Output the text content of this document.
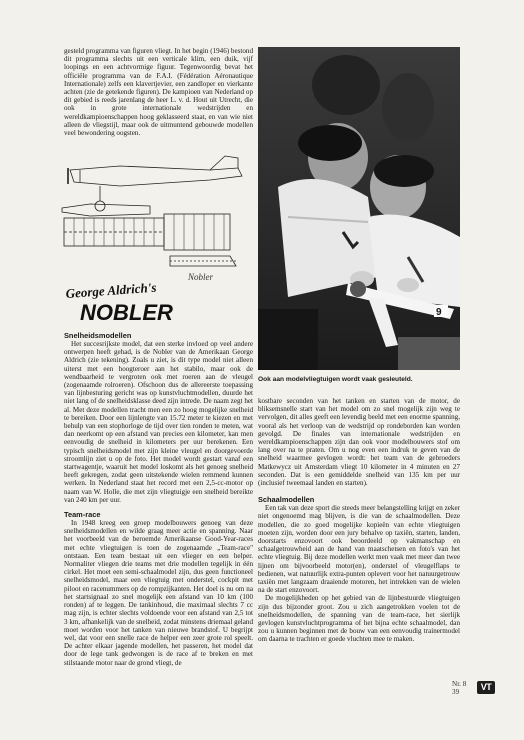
gesteld programma van figuren vliegt. In het begin (1946) bestond dit programma slechts uit een verticale klim, een duik, vijf loopings en een achtvormige figuur. Tegenwoordig bevat het officiële programma van de F.A.I. (Fédération Aéronautique Internationale) zelfs een klavertjevier, een zandloper en vierkante achten (zie de getekende figuren). De kampioen van Nederland op dit gebied is reeds jarenlang de heer L. v. d. Hout uit Utrecht, die ook in grote internationale wedstrijden en wereldkampioenschappen hoog geklasseerd staat, en van wie niet alleen de vliegstijl, maar ook de uitmuntend gebouwde modellen veel bewondering oogsten.

Nobler
George Aldrich's
NOBLER
Snelheidsmodellen

Het succesrijkste model, dat een sterke invloed op veel andere ontwerpen heeft gehad, is de Nobler van de Amerikaan George Aldrich (zie tekening). Zoals u ziet, is dit type model niet alleen uiterst met een hoogteroer aan het stabilo, maar ook de wendbaarheid te vergroten ook met roeren aan de vleugel (zogenaamde rolroeren). Ofschoon dus de allereerste toepassing van lijnbesturing gericht was op kunstvluchtmodellen, duurde het niet lang of de snelheidsklasse deed zijn intrede. De naam zegt het al. Met deze modellen tracht men een zo hoog mogelijke snelheid te bereiken. Door een lijnlengte van 15.72 meter te kiezen en met behulp van een stophorloge de tijd over tien ronden te meten, wat dan neerkomt op een afstand van precies een kilometer, kan men eenvoudig de snelheid in kilometers per uur berekenen. Een typisch snelheidsmodel met zijn kleine vleugel en doorgevoerde stroomlijn ziet u op de foto. Het model wordt gestart vanaf een startwagentje, waaruit het model loskomt als het genoeg snelheid heeft gekregen, zodat geen uitstekende wielen remmend kunnen werken. In Nederland staat het record met een 2,5-cc-motor op naam van W. Holle, die met zijn vliegtuigje een snelheid bereikte van 240 km per uur.

Team-race

In 1948 kreeg een groep modelbouwers genoeg van deze snelheidsmodellen en wilde graag meer actie en spanning. Naar het voorbeeld van de beroemde Amerikaanse Good-Year-races met echte vliegtuigen is toen de zogenaamde „Team-race" ontstaan. Een team bestaat uit een vlieger en een helper. Normaliter vliegen drie teams met drie modellen tegelijk in één cirkel. Het moet een semi-schaalmodel zijn, dus geen functioneel snelheidsmodel, maar een vliegtuig met onderstel, cockpit met piloot en racenummers op de rompzijkanten. Het doel is nu om na het startsignaal zo snel mogelijk een afstand van 10 km (100 ronden) af te leggen. De tankinhoud, die maximaal slechts 7 cc mag zijn, is echter slechts voldoende voor een afstand van 2,5 tot 3 km, afhankelijk van de snelheid, zodat minstens driemaal geland moet worden voor het tanken van nieuwe brandstof. U begrijpt wel, dat voor een snelle race de helper een zeer grote rol speelt. De achter elkaar jagende modellen, het passeren, het model dat door de lege tank gedwongen is de race af te breken en met stilstaande motor naar de grond vliegt, de

9
Ook aan modelvliegtuigen wordt vaak gesleuteld.

kostbare seconden van het tanken en starten van de motor, de bliksemsnelle start van het model om zo snel mogelijk zijn weg te vervolgen, dit alles geeft een levendig beeld met een enorme spanning, vooral als het verloop van de wedstrijd op rondeborden kan worden gevolgd. De finales van internationale wedstrijden en wereldkampioenschappen zijn dan ook voor modelbouwers stof om lang over na te praten. Om u nog even een indruk te geven van de snelheid waarmee gevlogen wordt: het team van de gebroeders Matkewycz uit Amsterdam vliegt 10 kilometer in 4 minuten en 27 seconden. Dat is een gemiddelde snelheid van 135 km per uur (inclusief tweemaal landen en starten).

Schaalmodellen

Een tak van deze sport die steeds meer belangstelling krijgt en zeker niet ongenoemd mag blijven, is die van de schaalmodellen. Deze modellen, die zo goed mogelijke kopieën van echte vliegtuigen moeten zijn, worden door een jury behalve op taxiën, starten, landen, doorstarts enzovoort ook beoordeeld op vakmanschap en schaalgetrouwheid aan de hand van maatschetsen en foto's van het echte vliegtuig. Bij deze modellen werkt men vaak met meer dan twee lijnen om bijvoorbeeld motor(en), onderstel of vleugelflaps te bedienen, wat natuurlijk extra-punten oplevert voor het natuurgetrouw taxiën met langzaam draaiende motoren, het intrekken van de wielen na de start enzovoort.

De mogelijkheden op het gebied van de lijnbestuurde vliegtuigen zijn dus bijzonder groot. Zou u zich aangetrokken voelen tot de snelheidsmodellen, de spanning van de team-race, het sierlijk gevlogen kunstvluchtprogramma of het bijna echte schaalmodel, dan zou u kunnen beginnen met de bouw van een eenvoudig trainermodel om daarna te trachten er goede vluchten mee te maken.

Nr. 8
39	VT
